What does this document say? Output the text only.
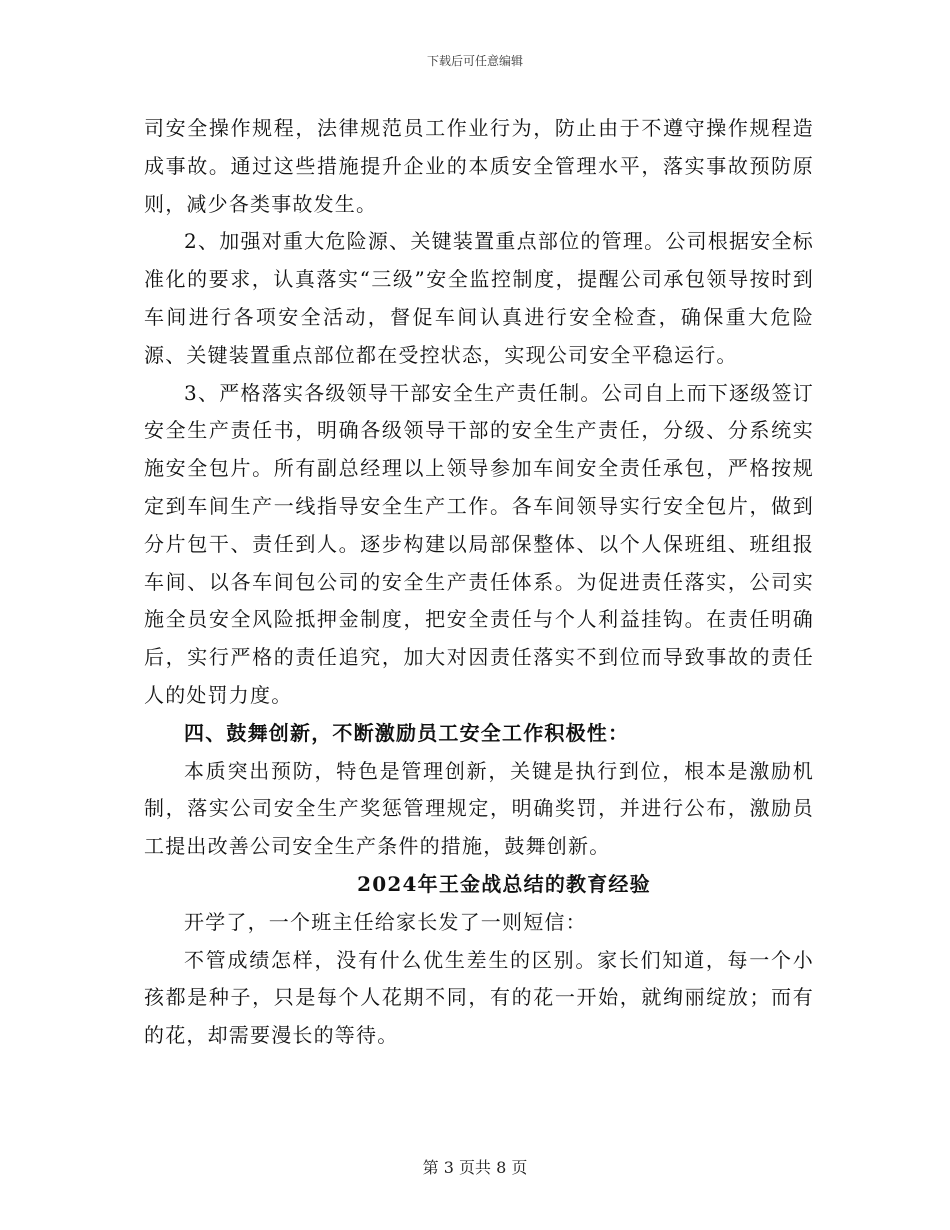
下载后可任意编辑

司安全操作规程，法律规范员工作业行为，防止由于不遵守操作规程造成事故。通过这些措施提升企业的本质安全管理水平，落实事故预防原则，减少各类事故发生。

2、加强对重大危险源、关键装置重点部位的管理。公司根据安全标准化的要求，认真落实“三级”安全监控制度，提醒公司承包领导按时到车间进行各项安全活动，督促车间认真进行安全检查，确保重大危险源、关键装置重点部位都在受控状态，实现公司安全平稳运行。

3、严格落实各级领导干部安全生产责任制。公司自上而下逐级签订安全生产责任书，明确各级领导干部的安全生产责任，分级、分系统实施安全包片。所有副总经理以上领导参加车间安全责任承包，严格按规定到车间生产一线指导安全生产工作。各车间领导实行安全包片，做到分片包干、责任到人。逐步构建以局部保整体、以个人保班组、班组报车间、以各车间包公司的安全生产责任体系。为促进责任落实，公司实施全员安全风险抵押金制度，把安全责任与个人利益挂钩。在责任明确后，实行严格的责任追究，加大对因责任落实不到位而导致事故的责任人的处罚力度。

四、鼓舞创新，不断激励员工安全工作积极性：

本质突出预防，特色是管理创新，关键是执行到位，根本是激励机制，落实公司安全生产奖惩管理规定，明确奖罚，并进行公布，激励员工提出改善公司安全生产条件的措施，鼓舞创新。

2024年王金战总结的教育经验

开学了，一个班主任给家长发了一则短信：

不管成绩怎样，没有什么优生差生的区别。家长们知道，每一个小孩都是种子，只是每个人花期不同，有的花一开始，就绚丽绽放；而有的花，却需要漫长的等待。

第 3 页共 8 页
